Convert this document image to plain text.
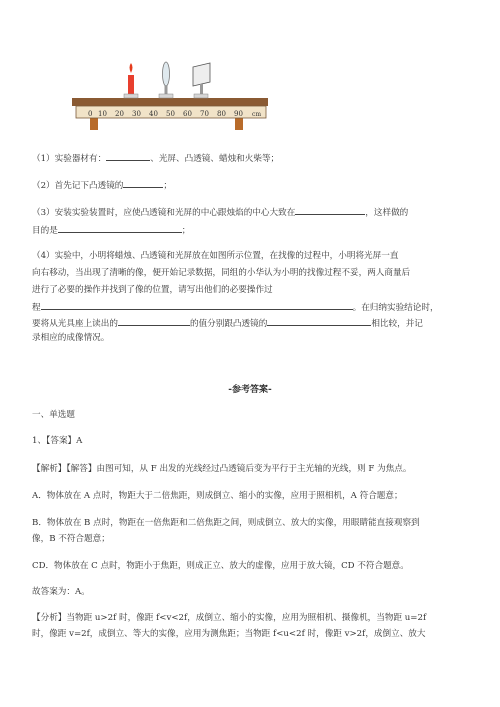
0 10 20 30 40 50 60 70 80 90 cm
（1）实验器材有：	、光屏、凸透镜、蜡烛和火柴等；
（2）首先记下凸透镜的	；
（3）安装实验装置时，应使凸透镜和光屏的中心跟烛焰的中心大致在	，这样做的
目的是	；
（4）实验中，小明将蜡烛、凸透镜和光屏放在如图所示位置，在找像的过程中，小明将光屏一直
向右移动，当出现了清晰的像，便开始记录数据，同组的小华认为小明的找像过程不妥，两人商量后
进行了必要的操作并找到了像的位置，请写出他们的必要操作过
程	。在归纳实验结论时，
要将从光具座上读出的	的值分别跟凸透镜的	相比较，并记
录相应的成像情况。
-参考答案-
一、单选题
1、【答案】A
【解析】【解答】由图可知，从 F 出发的光线经过凸透镜后变为平行于主光轴的光线，则 F 为焦点。
A．物体放在 A 点时，物距大于二倍焦距，则成倒立、缩小的实像，应用于照相机，A 符合题意；
B．物体放在 B 点时，物距在一倍焦距和二倍焦距之间，则成倒立、放大的实像，用眼睛能直接观察到
像，B 不符合题意；
CD．物体放在 C 点时，物距小于焦距，则成正立、放大的虚像，应用于放大镜，CD 不符合题意。
故答案为：A。
【分析】当物距 u>2f 时，像距 f<v<2f，成倒立、缩小的实像，应用为照相机、摄像机，当物距 u=2f
时，像距 v=2f，成倒立、等大的实像，应用为测焦距；当物距 f<u<2f 时，像距 v>2f，成倒立、放大
